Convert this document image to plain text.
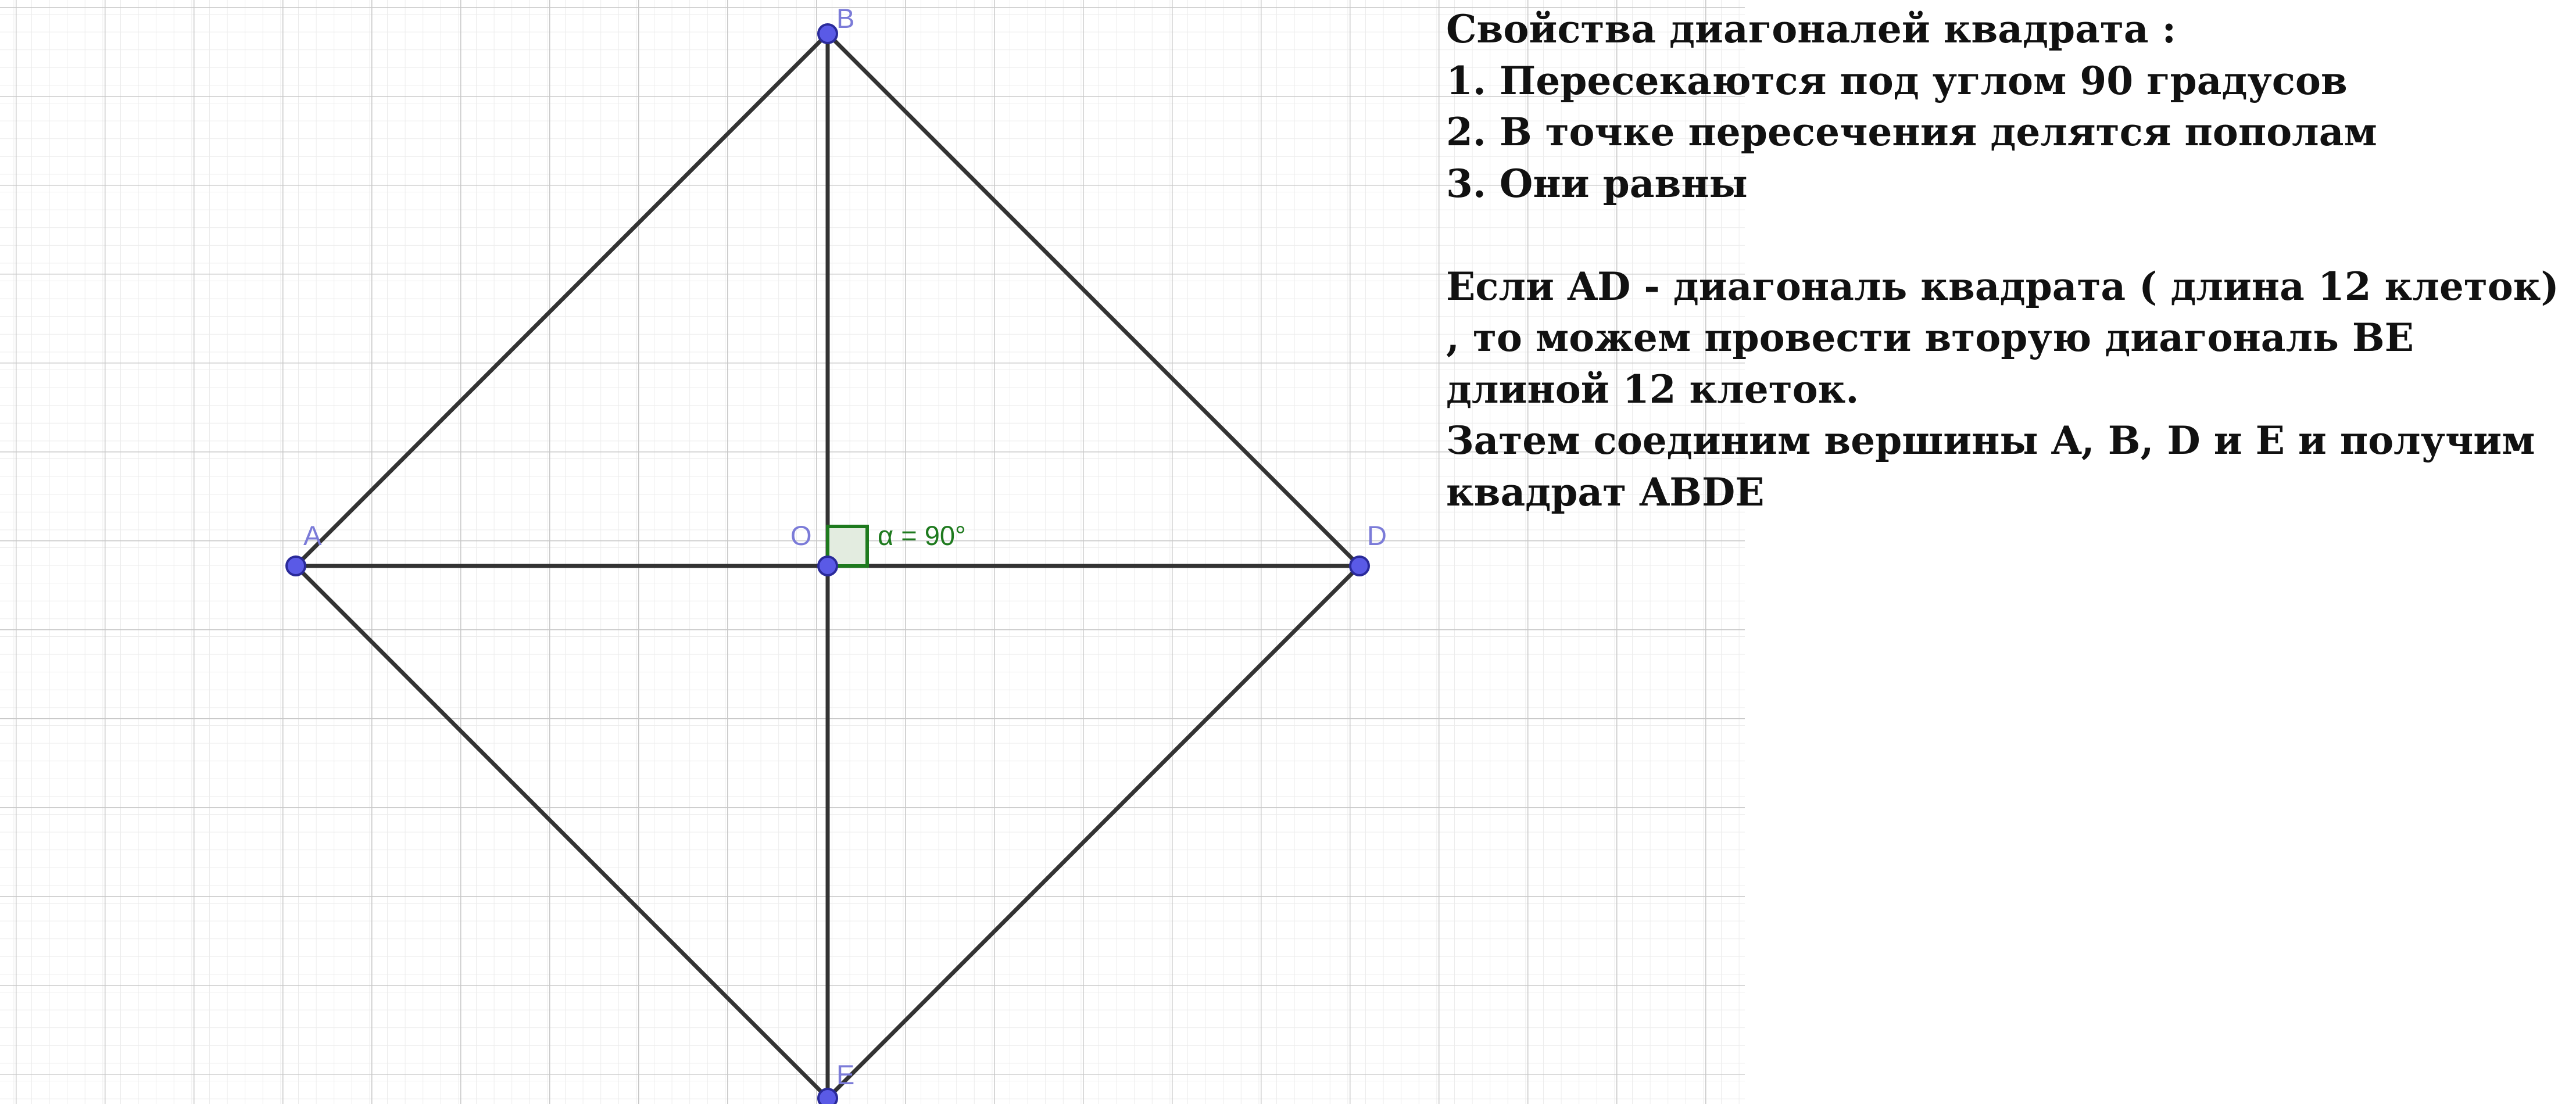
α = 90°
A
B
D
E
O
Свойства диагоналей квадрата :
1. Пересекаются под углом 90 градусов
2. В точке пересечения делятся пополам
3. Они равны
Если AD - диагональ квадрата ( длина 12 клеток) , то можем провести вторую диагональ BE длиной 12 клеток.
Затем соединим вершины A, B, D и E и получим квадрат ABDE
